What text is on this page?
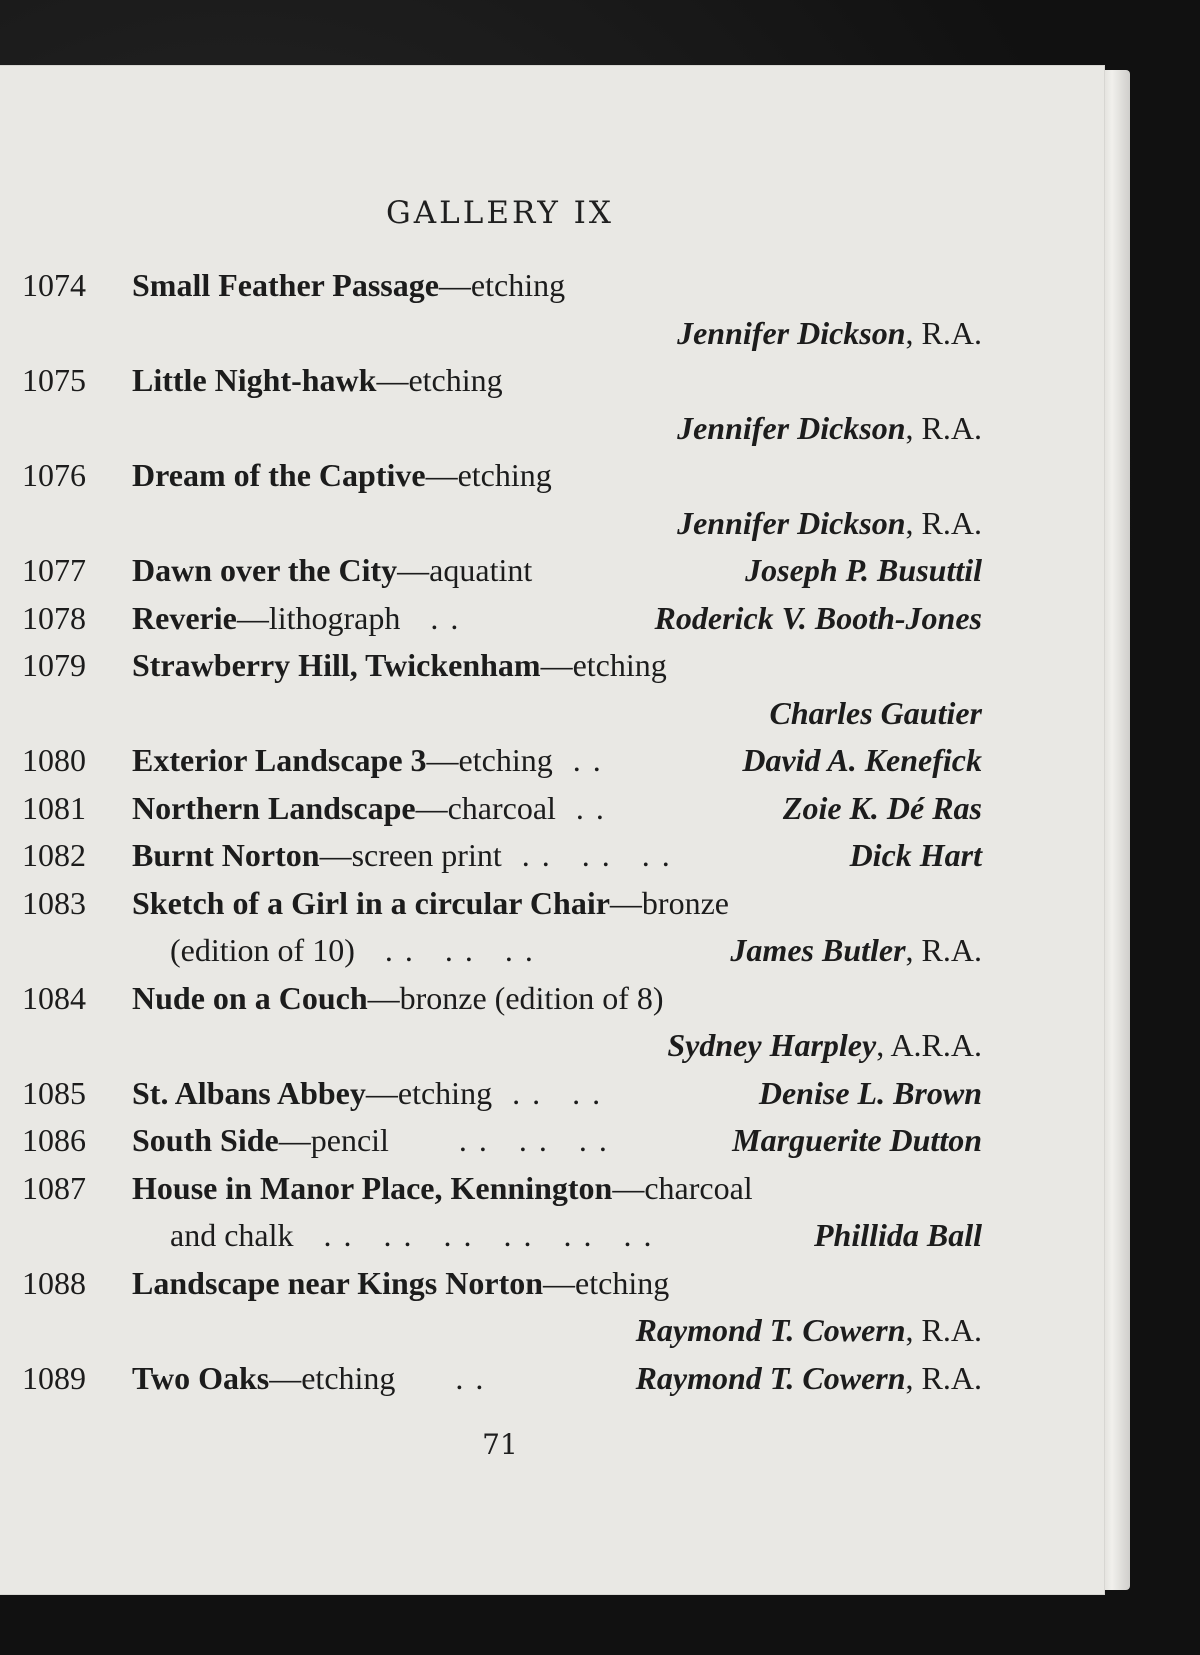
GALLERY IX
1074 Small Feather Passage—etching
Jennifer Dickson, R.A.
1075 Little Night-hawk—etching
Jennifer Dickson, R.A.
1076 Dream of the Captive—etching
Jennifer Dickson, R.A.
1077 Dawn over the City—aquatint	Joseph P. Busuttil
1078 Reverie—lithograph  . .	Roderick V. Booth-Jones
1079 Strawberry Hill, Twickenham—etching
Charles Gautier
1080 Exterior Landscape 3—etching . .	David A. Kenefick
1081 Northern Landscape—charcoal . .	Zoie K. Dé Ras
1082 Burnt Norton—screen print . .   . .   . .	Dick Hart
1083 Sketch of a Girl in a circular Chair—bronze
(edition of 10)  . .   . .   . .	James Butler, R.A.
1084 Nude on a Couch—bronze (edition of 8)
Sydney Harpley, A.R.A.
1085 St. Albans Abbey—etching . .   . .	Denise L. Brown
1086 South Side—pencil      . .   . .   . .	Marguerite Dutton
1087 House in Manor Place, Kennington—charcoal
and chalk  . .   . .   . .   . .   . .   . .	Phillida Ball
1088 Landscape near Kings Norton—etching
Raymond T. Cowern, R.A.
1089 Two Oaks—etching     . .	Raymond T. Cowern, R.A.
71
